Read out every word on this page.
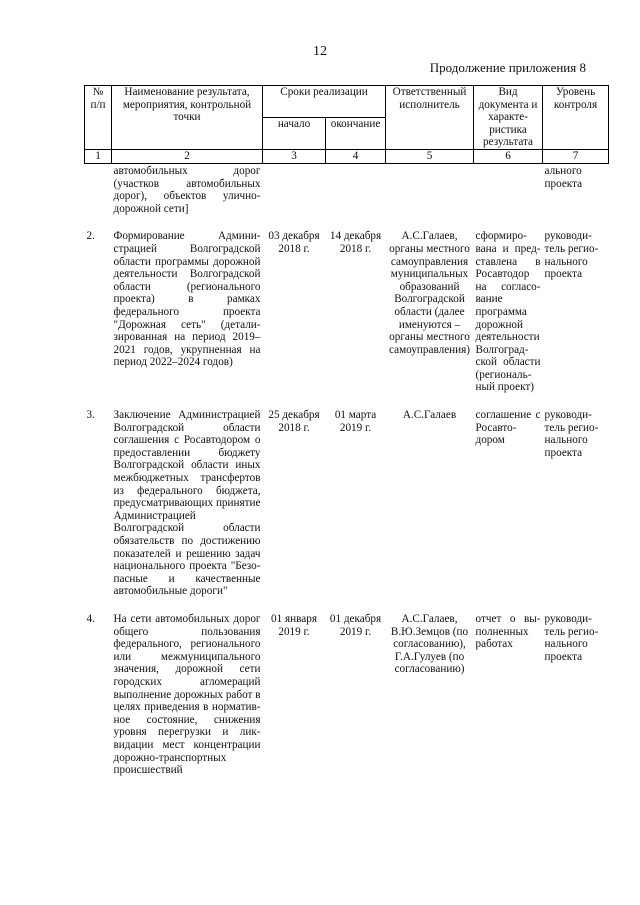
12
Продолжение приложения 8
№ п/п	Наименование результата, мероприятия, контрольной точки	Сроки реализации		Ответственный исполнитель	Вид документа и характеристика результата	Уровень контроля
		начало	окончание			
1	2	3	4	5	6	7
	автомобильных дорог (участков автомобильных дорог), объектов улично-дорожной сети]					ального проекта

2.	Формирование Администрацией Волгоградской области программы дорожной деятельности Волгоградской области (регионального проекта) в рамках федерального проекта "Дорожная сеть" (детализированная на период 2019–2021 годов, укрупненная на период 2022–2024 годов)	03 декабря 2018 г.	14 декабря 2018 г.	А.С.Галаев, органы местного самоуправления муниципальных образований Волгоградской области (далее именуются – органы местного самоуправления)	сформирована и представлена в Росавтодор на согласование программа дорожной деятельности Волгоградской области (региональный проект)	руководитель регионального проекта

3.	Заключение Администрацией Волгоградской области соглашения с Росавтодором о предоставлении бюджету Волгоградской области иных межбюджетных трансфертов из федерального бюджета, предусматривающих принятие Администрацией Волгоградской области обязательств по достижению показателей и решению задач национального проекта "Безопасные и качественные автомобильные дороги"	25 декабря 2018 г.	01 марта 2019 г.	А.С.Галаев	соглашение с Росавтодором	руководитель регионального проекта

4.	На сети автомобильных дорог общего пользования федерального, регионального или межмуниципального значения, дорожной сети городских агломераций выполнение дорожных работ в целях приведения в нормативное состояние, снижения уровня перегрузки и ликвидации мест концентрации дорожно-транспортных происшествий	01 января 2019 г.	01 декабря 2019 г.	А.С.Галаев, В.Ю.Земцов (по согласованию), Г.А.Гулуев (по согласованию)	отчет о выполненных работах	руководитель регионального проекта
